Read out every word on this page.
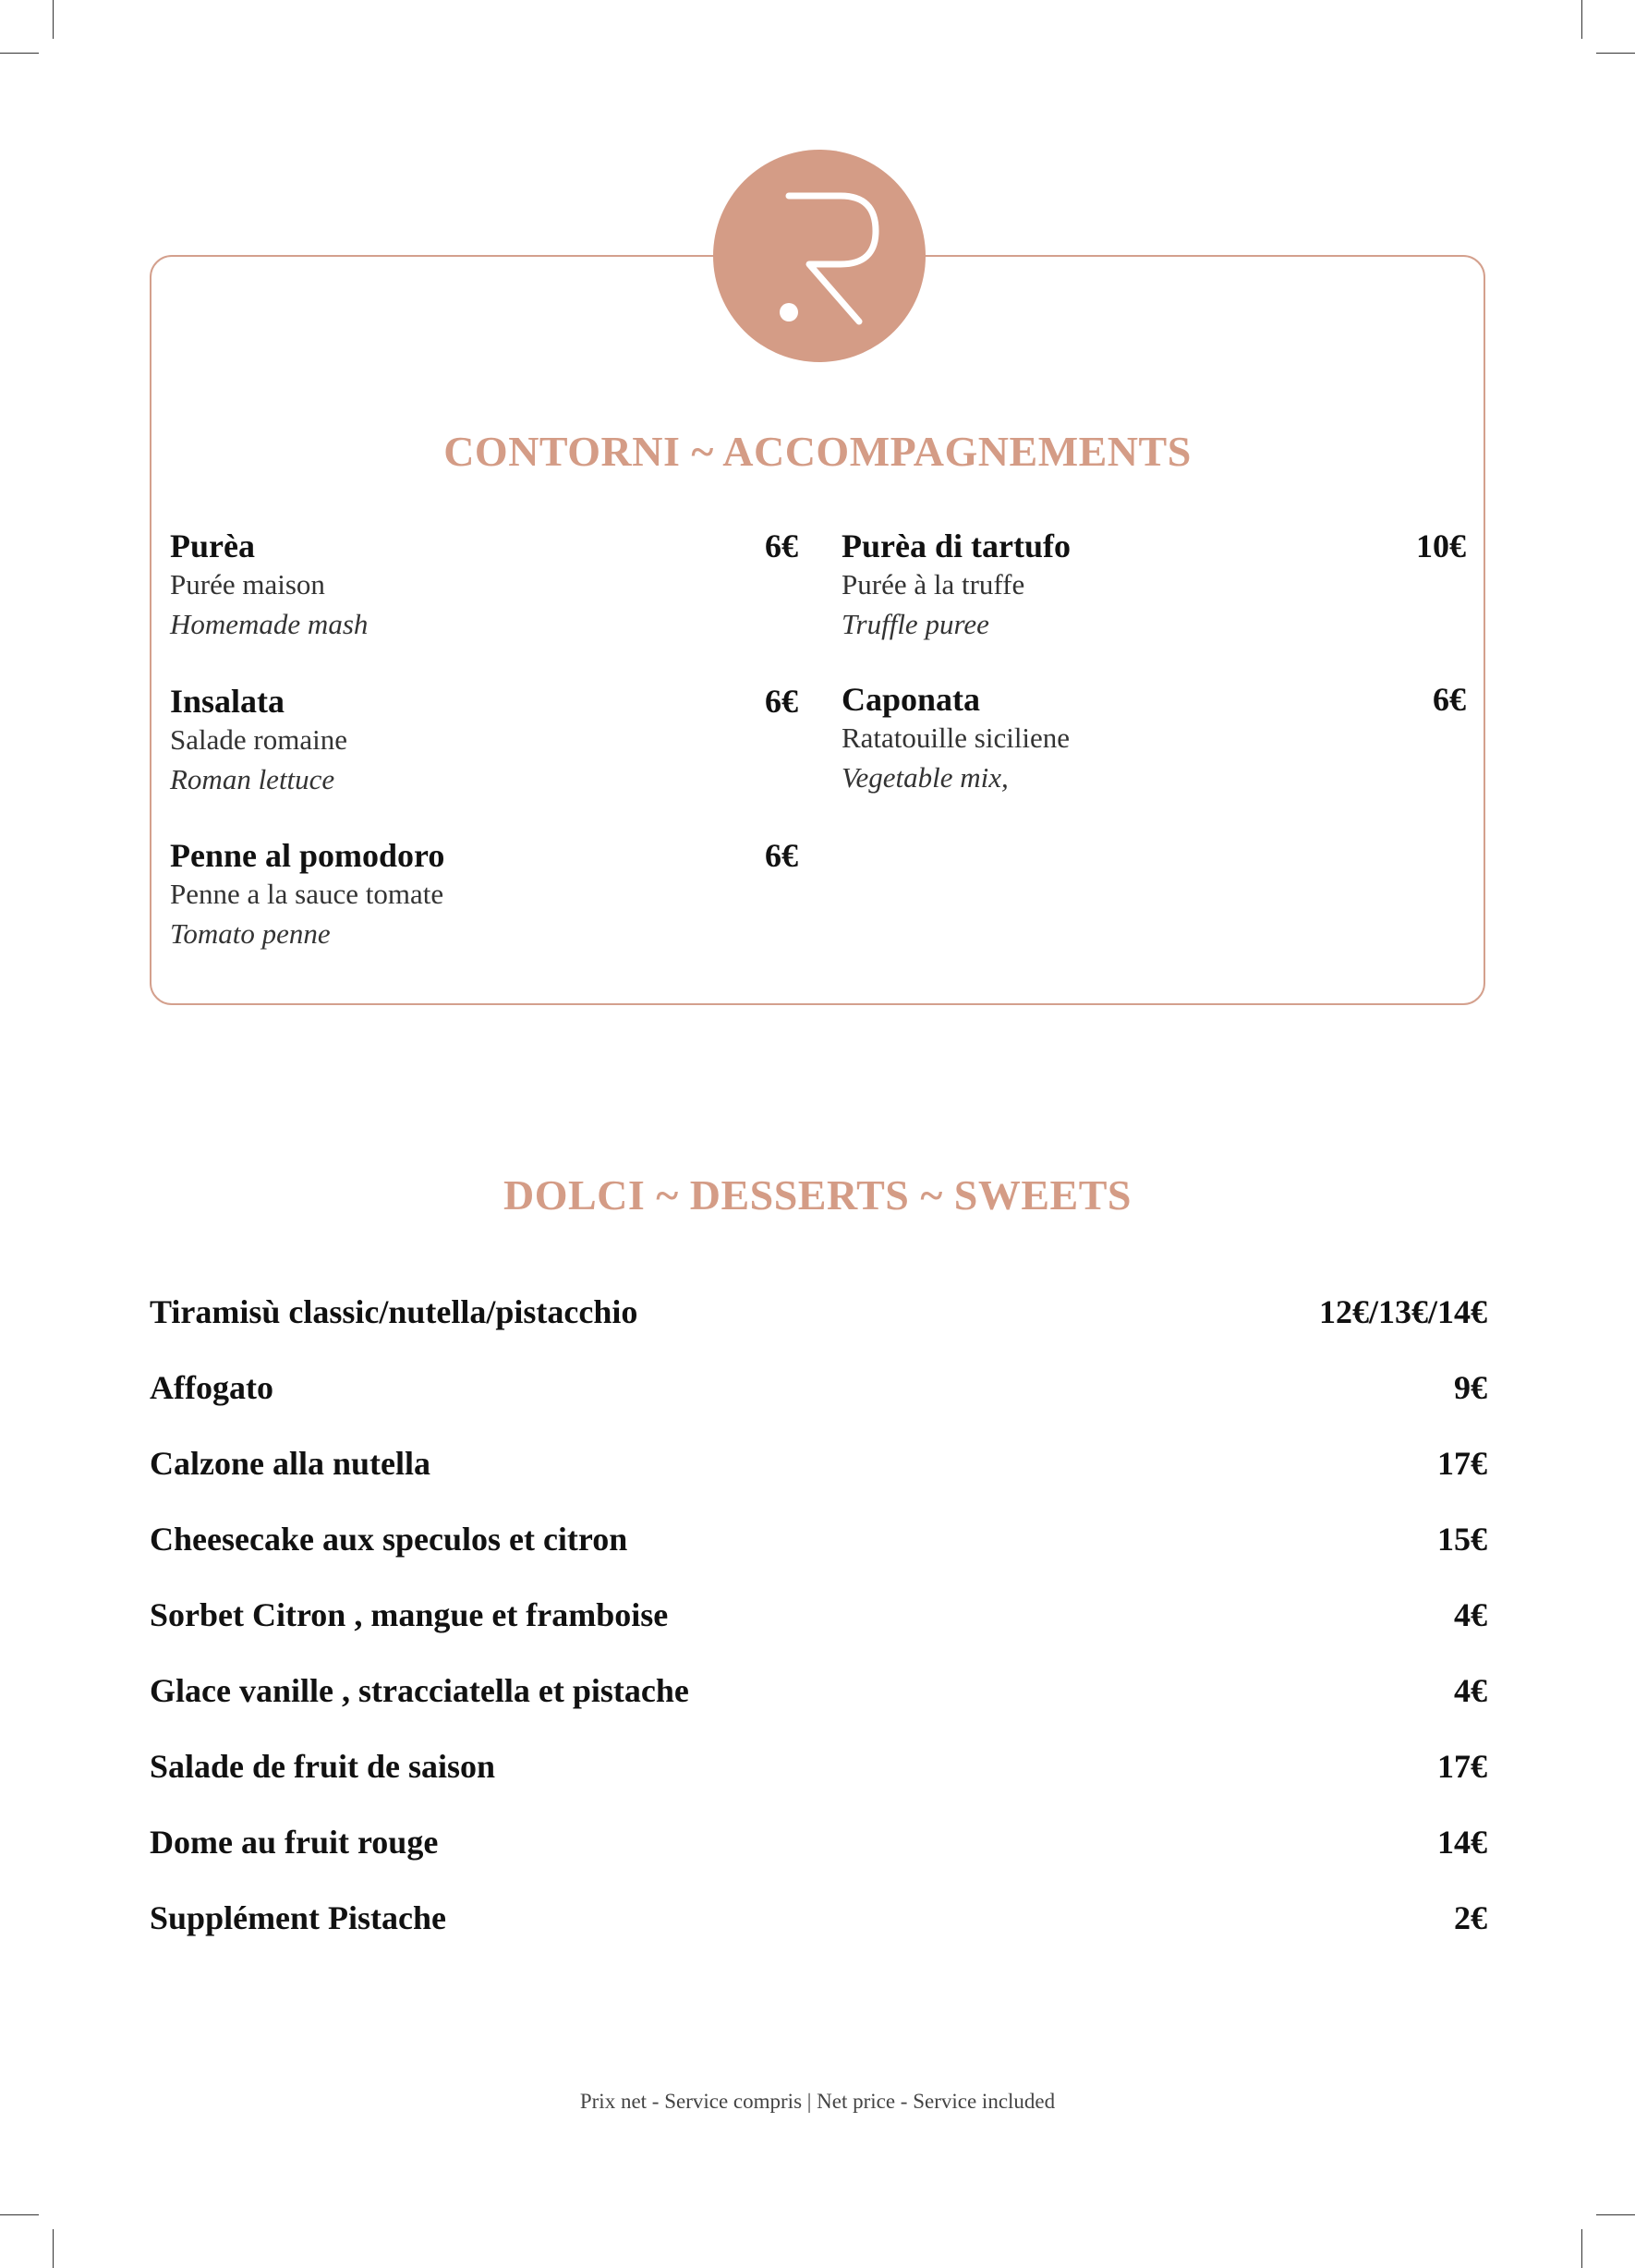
CONTORNI ~ ACCOMPAGNEMENTS
Purèa	6€
Purée maison
Homemade mash
Purèa di tartufo	10€
Purée à la truffe
Truffle puree
Insalata	6€
Salade romaine
Roman lettuce
Caponata	6€
Ratatouille siciliene
Vegetable mix,
Penne al pomodoro	6€
Penne a la sauce tomate
Tomato penne
DOLCI ~ DESSERTS ~ SWEETS
Tiramisù classic/nutella/pistacchio	12€/13€/14€
Affogato	9€
Calzone alla nutella	17€
Cheesecake aux speculos et citron	15€
Sorbet Citron , mangue et framboise	4€
Glace vanille , stracciatella et pistache	4€
Salade de fruit de saison	17€
Dome au fruit rouge	14€
Supplément Pistache	2€
Prix net - Service compris | Net price - Service included
